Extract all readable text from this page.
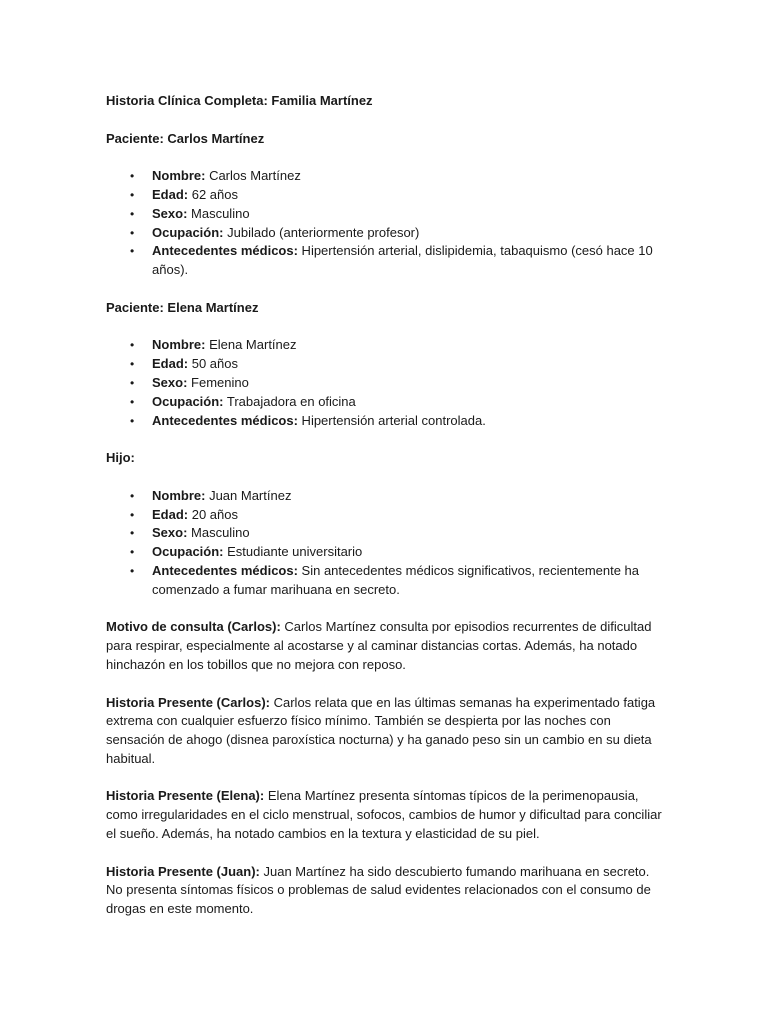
Historia Clínica Completa: Familia Martínez

Paciente: Carlos Martínez

• Nombre: Carlos Martínez
• Edad: 62 años
• Sexo: Masculino
• Ocupación: Jubilado (anteriormente profesor)
• Antecedentes médicos: Hipertensión arterial, dislipidemia, tabaquismo (cesó hace 10 años).

Paciente: Elena Martínez

• Nombre: Elena Martínez
• Edad: 50 años
• Sexo: Femenino
• Ocupación: Trabajadora en oficina
• Antecedentes médicos: Hipertensión arterial controlada.

Hijo:

• Nombre: Juan Martínez
• Edad: 20 años
• Sexo: Masculino
• Ocupación: Estudiante universitario
• Antecedentes médicos: Sin antecedentes médicos significativos, recientemente ha comenzado a fumar marihuana en secreto.

Motivo de consulta (Carlos): Carlos Martínez consulta por episodios recurrentes de dificultad para respirar, especialmente al acostarse y al caminar distancias cortas. Además, ha notado hinchazón en los tobillos que no mejora con reposo.

Historia Presente (Carlos): Carlos relata que en las últimas semanas ha experimentado fatiga extrema con cualquier esfuerzo físico mínimo. También se despierta por las noches con sensación de ahogo (disnea paroxística nocturna) y ha ganado peso sin un cambio en su dieta habitual.

Historia Presente (Elena): Elena Martínez presenta síntomas típicos de la perimenopausia, como irregularidades en el ciclo menstrual, sofocos, cambios de humor y dificultad para conciliar el sueño. Además, ha notado cambios en la textura y elasticidad de su piel.

Historia Presente (Juan): Juan Martínez ha sido descubierto fumando marihuana en secreto. No presenta síntomas físicos o problemas de salud evidentes relacionados con el consumo de drogas en este momento.
